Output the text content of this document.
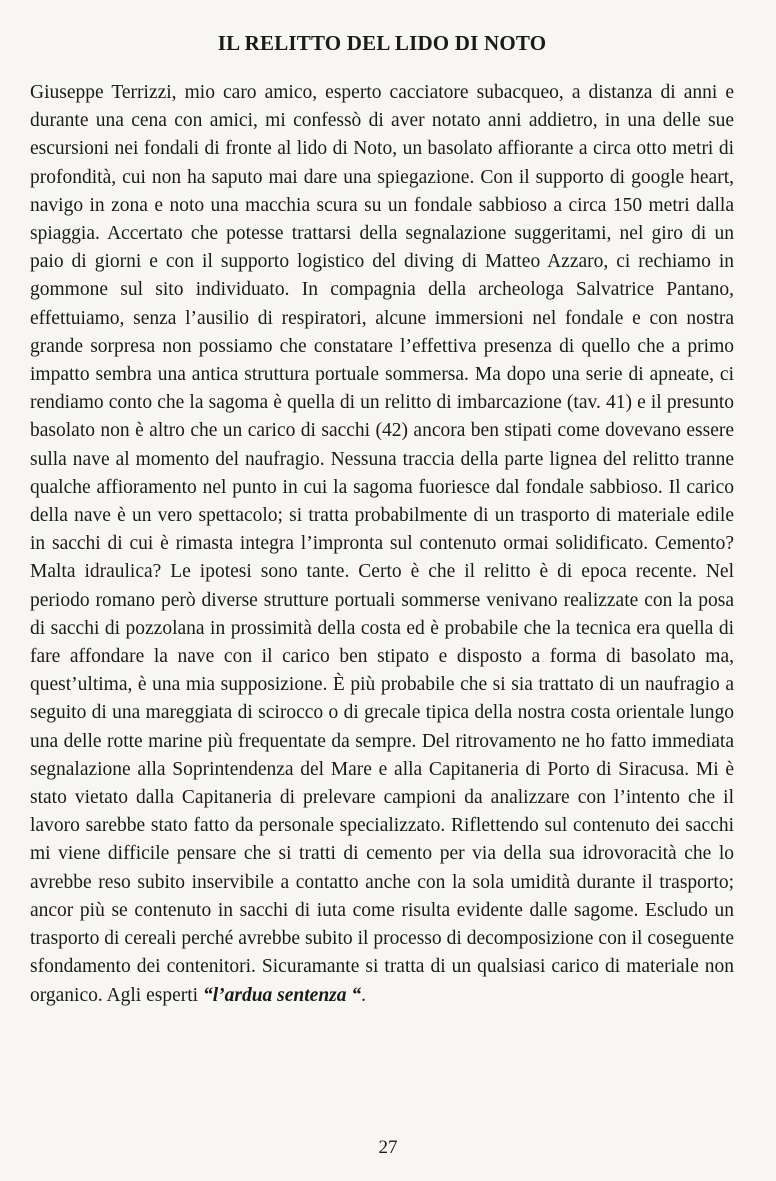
IL RELITTO DEL LIDO DI NOTO

Giuseppe Terrizzi, mio caro amico, esperto cacciatore subacqueo, a distanza di anni e durante una cena con amici, mi confessò di aver notato anni addietro, in una delle sue escursioni nei fondali di fronte al lido di Noto, un basolato affiorante a circa otto metri di profondità, cui non ha saputo mai dare una spiegazione. Con il supporto di google heart, navigo in zona e noto una macchia scura su un fondale sabbioso a circa 150 metri dalla spiaggia. Accertato che potesse trattarsi della segnalazione suggeritami, nel giro di un paio di giorni e con il supporto logistico del diving di Matteo Azzaro, ci rechiamo in gommone sul sito individuato. In compagnia della archeologa Salvatrice Pantano, effettuiamo, senza l’ausilio di respiratori, alcune immersioni nel fondale e con nostra grande sorpresa non possiamo che constatare l’effettiva presenza di quello che a primo impatto sembra una antica struttura portuale sommersa. Ma dopo una serie di apneate, ci rendiamo conto che la sagoma è quella di un relitto di imbarcazione (tav. 41) e il presunto basolato non è altro che un carico di sacchi (42) ancora ben stipati come dovevano essere sulla nave al momento del naufragio. Nessuna traccia della parte lignea del relitto tranne qualche affioramento nel punto in cui la sagoma fuoriesce dal fondale sabbioso. Il carico della nave è un vero spettacolo; si tratta probabilmente di un trasporto di materiale edile in sacchi di cui è rimasta integra l’impronta sul contenuto ormai solidificato. Cemento? Malta idraulica? Le ipotesi sono tante. Certo è che il relitto è di epoca recente. Nel periodo romano però diverse strutture portuali sommerse venivano realizzate con la posa di sacchi di pozzolana in prossimità della costa ed è probabile che la tecnica era quella di fare affondare la nave con il carico ben stipato e disposto a forma di basolato ma, quest’ultima, è una mia supposizione. È più probabile che si sia trattato di un naufragio a seguito di una mareggiata di scirocco o di grecale tipica della nostra costa orientale lungo una delle rotte marine più frequentate da sempre. Del ritrovamento ne ho fatto immediata segnalazione alla Soprintendenza del Mare e alla Capitaneria di Porto di Siracusa. Mi è stato vietato dalla Capitaneria di prelevare campioni da analizzare con l’intento che il lavoro sarebbe stato fatto da personale specializzato. Riflettendo sul contenuto dei sacchi mi viene difficile pensare che si tratti di cemento per via della sua idrovoracità che lo avrebbe reso subito inservibile a contatto anche con la sola umidità durante il trasporto; ancor più se contenuto in sacchi di iuta come risulta evidente dalle sagome. Escludo un trasporto di cereali perché avrebbe subito il processo di decomposizione con il coseguente sfondamento dei contenitori. Sicuramante si tratta di un qualsiasi carico di materiale non organico. Agli esperti “l’ardua sentenza “.

27
